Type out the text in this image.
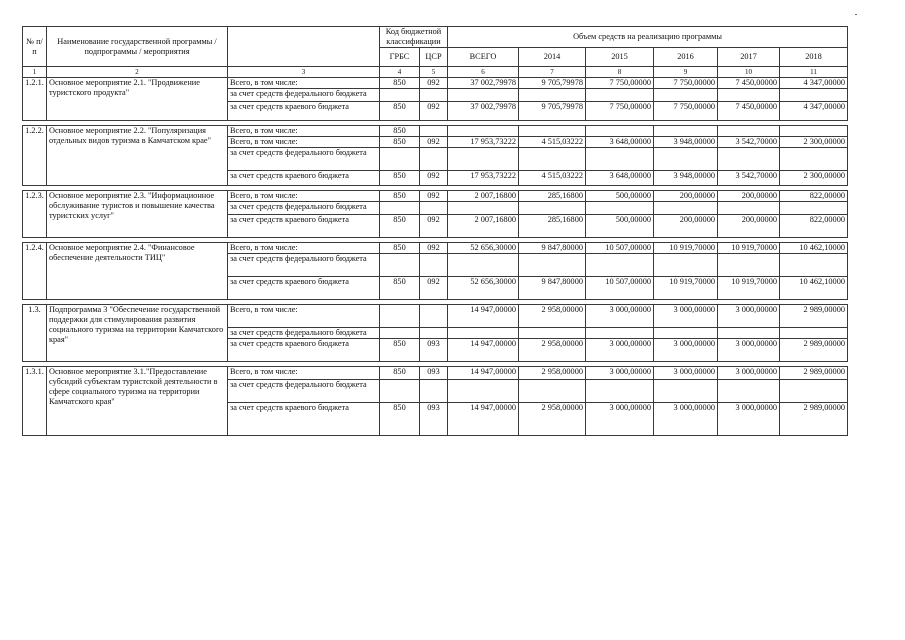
№ п/п	Наименование государственной программы / подпрограммы / мероприятия		Код бюджетной классификации		Объем средств на реализацию программы					
			ГРБС	ЦСР	ВСЕГО	2014	2015	2016	2017	2018
1	2	3	4	5	6	7	8	9	10	11
1.2.1.	Основное мероприятие 2.1. "Продвижение туристского продукта"	Всего, в том числе:	850	092	37 002,79978	9 705,79978	7 750,00000	7 750,00000	7 450,00000	4 347,00000
		за счет средств федерального бюджета								
		за счет средств краевого бюджета	850	092	37 002,79978	9 705,79978	7 750,00000	7 750,00000	7 450,00000	4 347,00000

1.2.2.	Основное мероприятие 2.2. "Популяризация отдельных видов туризма в Камчатском крае"	Всего, в том числе:	850							
		Всего, в том числе:	850	092	17 953,73222	4 515,03222	3 648,00000	3 948,00000	3 542,70000	2 300,00000
		за счет средств федерального бюджета								
		за счет средств краевого бюджета	850	092	17 953,73222	4 515,03222	3 648,00000	3 948,00000	3 542,70000	2 300,00000

1.2.3.	Основное мероприятие 2.3. "Информационное обслуживание туристов и повышение качества туристских услуг"	Всего, в том числе:	850	092	2 007,16800	285,16800	500,00000	200,00000	200,00000	822,00000
		за счет средств федерального бюджета								
		за счет средств краевого бюджета	850	092	2 007,16800	285,16800	500,00000	200,00000	200,00000	822,00000

1.2.4.	Основное мероприятие 2.4. "Финансовое обеспечение деятельности ТИЦ"	Всего, в том числе:	850	092	52 656,30000	9 847,80000	10 507,00000	10 919,70000	10 919,70000	10 462,10000
		за счет средств федерального бюджета								
		за счет средств краевого бюджета	850	092	52 656,30000	9 847,80000	10 507,00000	10 919,70000	10 919,70000	10 462,10000

1.3.	Подпрограмма 3 "Обеспечение государственной поддержки для стимулирования развития социального туризма на территории Камчатского края"	Всего, в том числе:			14 947,00000	2 958,00000	3 000,00000	3 000,00000	3 000,00000	2 989,00000
		за счет средств федерального бюджета								
		за счет средств краевого бюджета	850	093	14 947,00000	2 958,00000	3 000,00000	3 000,00000	3 000,00000	2 989,00000

1.3.1.	Основное мероприятие 3.1."Предоставление субсидий субъектам туристской деятельности в сфере социального туризма на территории Камчатского края"	Всего, в том числе:	850	093	14 947,00000	2 958,00000	3 000,00000	3 000,00000	3 000,00000	2 989,00000
		за счет средств федерального бюджета								
		за счет средств краевого бюджета	850	093	14 947,00000	2 958,00000	3 000,00000	3 000,00000	3 000,00000	2 989,00000
